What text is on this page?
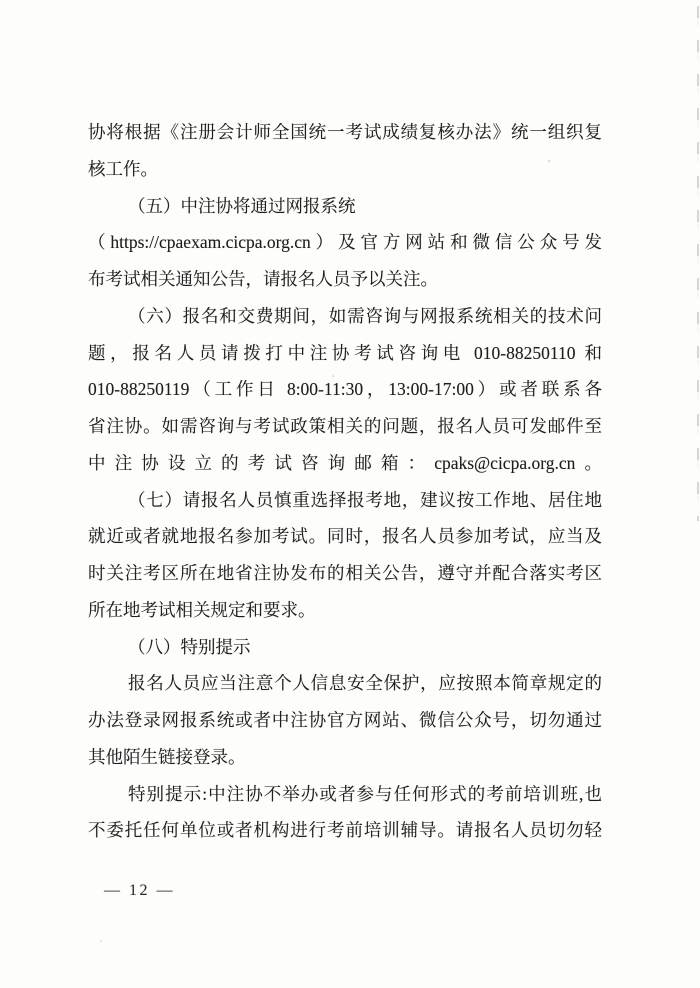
协将根据《注册会计师全国统一考试成绩复核办法》统一组织复
核工作。
（五）中注协将通过网报系统
（https://cpaexam.cicpa.org.cn）及官方网站和微信公众号发
布考试相关通知公告，请报名人员予以关注。
（六）报名和交费期间，如需咨询与网报系统相关的技术问
题，报名人员请拨打中注协考试咨询电 010-88250110 和
010-88250119（工作日 8:00-11:30，13:00-17:00）或者联系各
省注协。如需咨询与考试政策相关的问题，报名人员可发邮件至
中注协设立的考试咨询邮箱：cpaks@cicpa.org.cn。
（七）请报名人员慎重选择报考地，建议按工作地、居住地
就近或者就地报名参加考试。同时，报名人员参加考试，应当及
时关注考区所在地省注协发布的相关公告，遵守并配合落实考区
所在地考试相关规定和要求。
（八）特别提示
报名人员应当注意个人信息安全保护，应按照本简章规定的
办法登录网报系统或者中注协官方网站、微信公众号，切勿通过
其他陌生链接登录。
特别提示:中注协不举办或者参与任何形式的考前培训班,也
不委托任何单位或者机构进行考前培训辅导。请报名人员切勿轻
— 12 —
